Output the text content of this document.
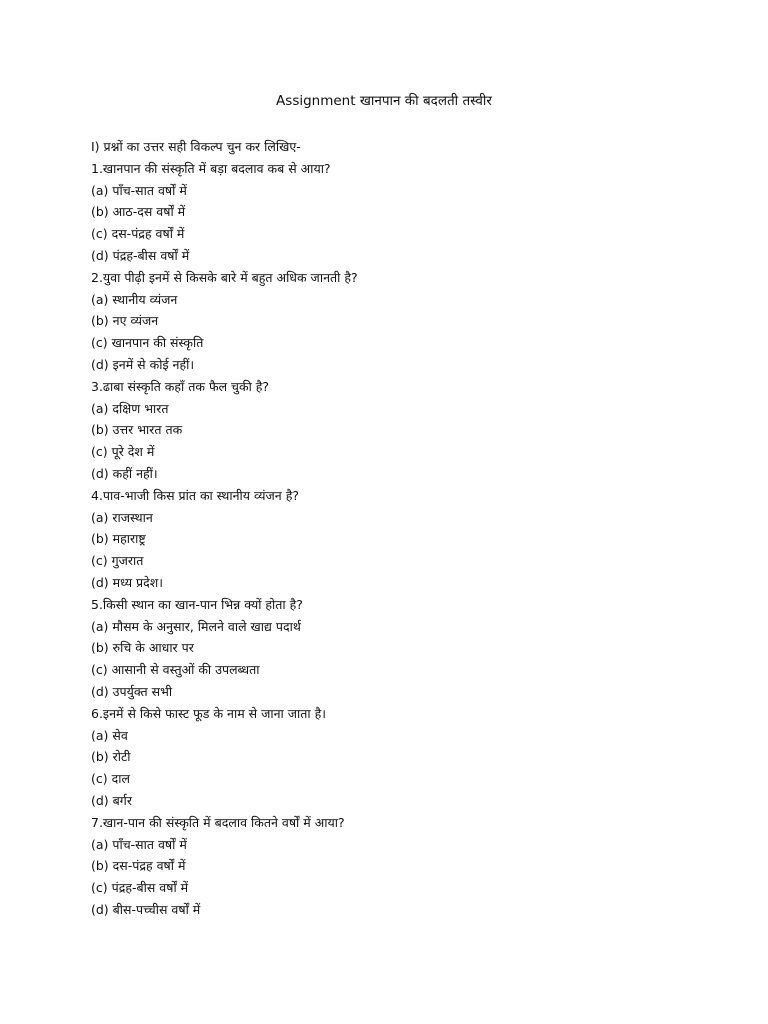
Assignment खानपान की बदलती तस्वीर
I) प्रश्नों का उत्तर सही विकल्प चुन कर लिखिए-
1.खानपान की संस्कृति में बड़ा बदलाव कब से आया?
(a) पाँच-सात वर्षों में
(b) आठ-दस वर्षों में
(c) दस-पंद्रह वर्षों में
(d) पंद्रह-बीस वर्षों में
2.युवा पीढ़ी इनमें से किसके बारे में बहुत अधिक जानती है?
(a) स्थानीय व्यंजन
(b) नए व्यंजन
(c) खानपान की संस्कृति
(d) इनमें से कोई नहीं।
3.ढाबा संस्कृति कहाँ तक फैल चुकी है?
(a) दक्षिण भारत
(b) उत्तर भारत तक
(c) पूरे देश में
(d) कहीं नहीं।
4.पाव-भाजी किस प्रांत का स्थानीय व्यंजन है?
(a) राजस्थान
(b) महाराष्ट्र
(c) गुजरात
(d) मध्य प्रदेश।
5.किसी स्थान का खान-पान भिन्न क्यों होता है?
(a) मौसम के अनुसार, मिलने वाले खाद्य पदार्थ
(b) रुचि के आधार पर
(c) आसानी से वस्तुओं की उपलब्धता
(d) उपर्युक्त सभी
6.इनमें से किसे फास्ट फूड के नाम से जाना जाता है।
(a) सेव
(b) रोटी
(c) दाल
(d) बर्गर
7.खान-पान की संस्कृति में बदलाव कितने वर्षों में आया?
(a) पाँच-सात वर्षों में
(b) दस-पंद्रह वर्षों में
(c) पंद्रह-बीस वर्षों में
(d) बीस-पच्चीस वर्षों में
